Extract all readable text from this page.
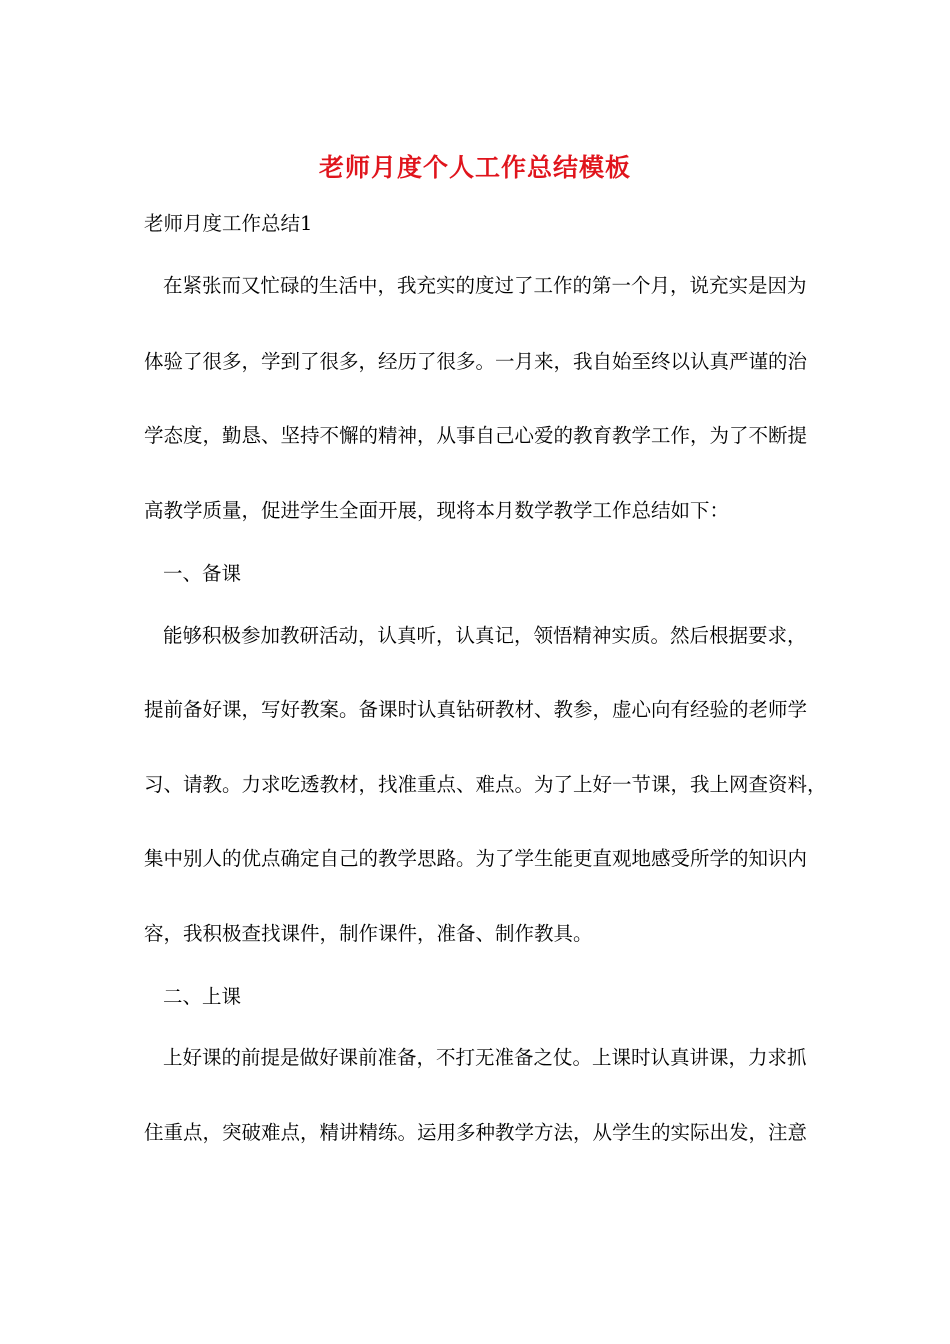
老师月度个人工作总结模板
老师月度工作总结1
在紧张而又忙碌的生活中，我充实的度过了工作的第一个月，说充实是因为
体验了很多，学到了很多，经历了很多。一月来，我自始至终以认真严谨的治
学态度，勤恳、坚持不懈的精神，从事自己心爱的教育教学工作，为了不断提
高教学质量，促进学生全面开展，现将本月数学教学工作总结如下：
一、备课
能够积极参加教研活动，认真听，认真记，领悟精神实质。然后根据要求，
提前备好课，写好教案。备课时认真钻研教材、教参，虚心向有经验的老师学
习、请教。力求吃透教材，找准重点、难点。为了上好一节课，我上网查资料，
集中别人的优点确定自己的教学思路。为了学生能更直观地感受所学的知识内
容，我积极查找课件，制作课件，准备、制作教具。
二、上课
上好课的前提是做好课前准备，不打无准备之仗。上课时认真讲课，力求抓
住重点，突破难点，精讲精练。运用多种教学方法，从学生的实际出发，注意
